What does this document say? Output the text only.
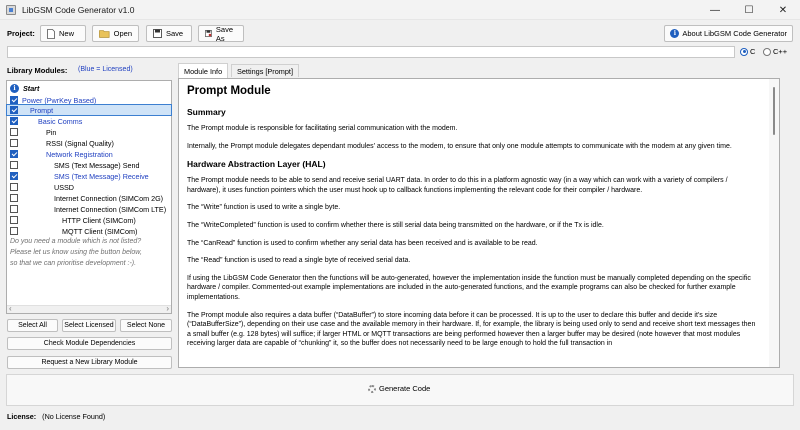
LibGSM Code Generator v1.0	—	☐	✕
Project:	New	Open	Save	Save As	i About LibGSM Code Generator
C C++
Library Modules: (Blue = Licensed)
i	Start
Power (PwrKey Based)
Prompt
Basic Comms
Pin
RSSI (Signal Quality)
Network Registration
SMS (Text Message) Send
SMS (Text Message) Receive
USSD
Internet Connection (SIMCom 2G)
Internet Connection (SIMCom LTE)
HTTP Client (SIMCom)
MQTT Client (SIMCom)
Do you need a module which is not listed?
Please let us know using the button below,
so that we can prioritise development :-).
‹ ›
Select All	Select Licensed	Select None
Check Module Dependencies
Request a New Library Module
Module Info	Settings [Prompt]
Prompt Module
Summary
The Prompt module is responsible for facilitating serial communication with the modem.
Internally, the Prompt module delegates dependant modules' access to the modem, to ensure that only one module attempts to communicate with the modem at any given time.
Hardware Abstraction Layer (HAL)
The Prompt module needs to be able to send and receive serial UART data. In order to do this in a platform agnostic way (in a way which can work with a variety of compilers / hardware), it uses function pointers which the user must hook up to callback functions implementing the relevant code for their compiler / hardware.
The “Write” function is used to write a single byte.
The “WriteCompleted” function is used to confirm whether there is still serial data being transmitted on the hardware, or if the Tx is idle.
The “CanRead” function is used to confirm whether any serial data has been received and is available to be read.
The “Read” function is used to read a single byte of received serial data.
If using the LibGSM Code Generator then the functions will be auto-generated, however the implementation inside the function must be manually completed depending on the specific hardware / compiler. Commented-out example implementations are included in the auto-generated functions, and the example programs can also be checked for further example implementations.
The Prompt module also requires a data buffer (“DataBuffer”) to store incoming data before it can be processed. It is up to the user to declare this buffer and decide it's size (“DataBufferSize”), depending on their use case and the available memory in their hardware. If, for example, the library is being used only to send and receive short text messages then a small buffer (e.g. 128 bytes) will suffice; if larger HTML or MQTT transactions are being performed however then a larger buffer may be desired (note however that most modules receiving larger data are capable of “chunking” it, so the buffer does not necessarily need to be large enough to hold the full transaction in
Generate Code
License: (No License Found)
